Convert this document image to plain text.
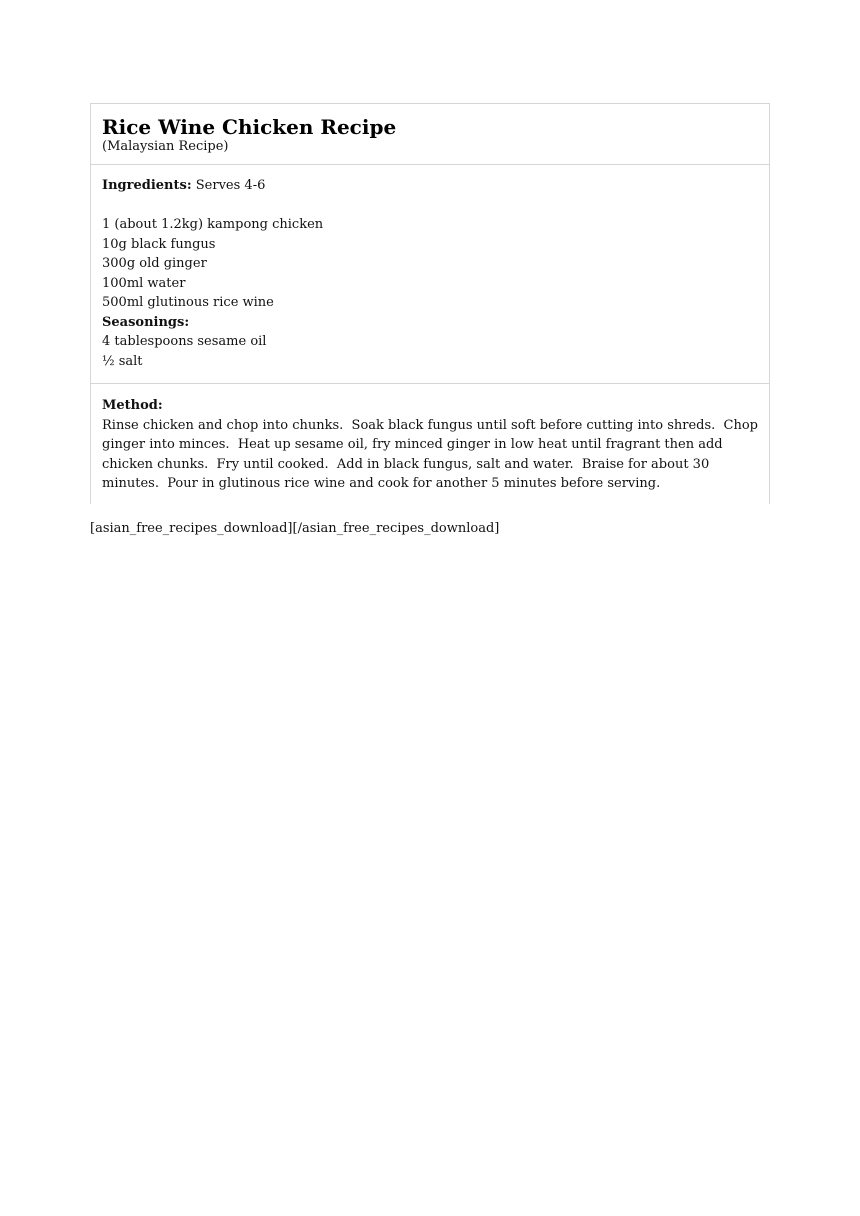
Rice Wine Chicken Recipe
(Malaysian Recipe)
Ingredients: Serves 4-6
1 (about 1.2kg) kampong chicken
10g black fungus
300g old ginger
100ml water
500ml glutinous rice wine
Seasonings:
4 tablespoons sesame oil
½ salt
Method:
Rinse chicken and chop into chunks.  Soak black fungus until soft before cutting into shreds.  Chop ginger into minces.  Heat up sesame oil, fry minced ginger in low heat until fragrant then add chicken chunks.  Fry until cooked.  Add in black fungus, salt and water.  Braise for about 30 minutes.  Pour in glutinous rice wine and cook for another 5 minutes before serving.
[asian_free_recipes_download][/asian_free_recipes_download]
